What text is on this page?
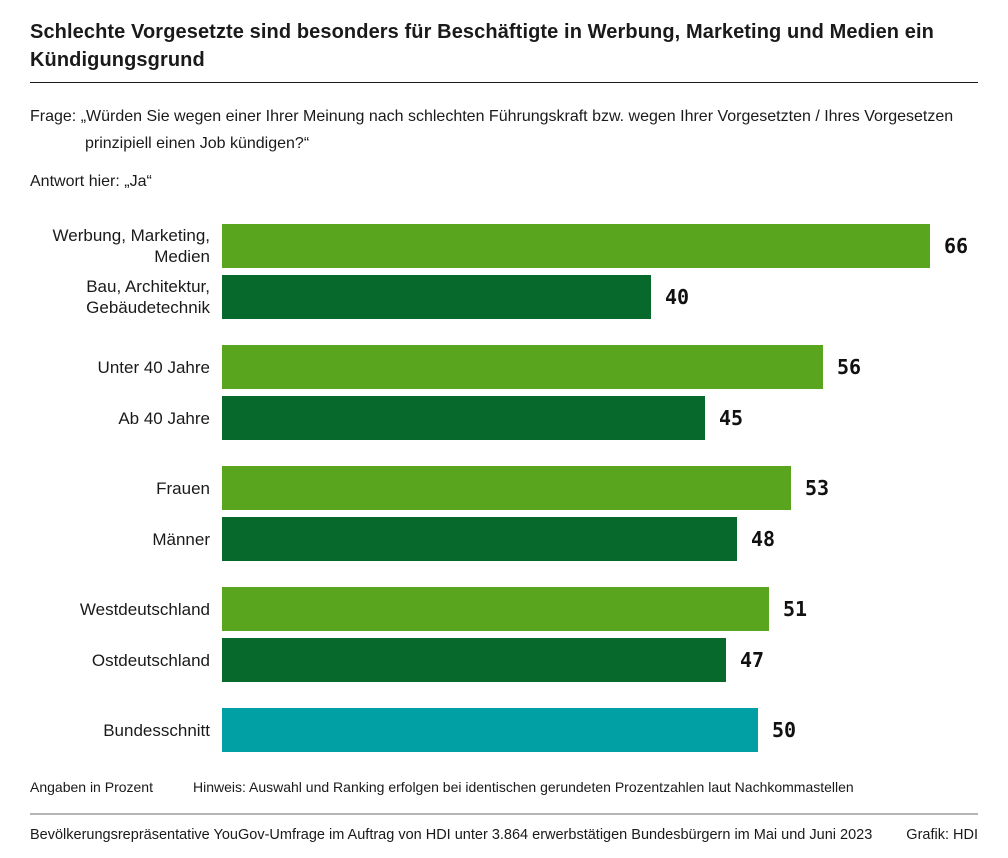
Schlechte Vorgesetzte sind besonders für Beschäftigte in Werbung, Marketing und Medien ein Kündigungsgrund
Frage: „Würden Sie wegen einer Ihrer Meinung nach schlechten Führungskraft bzw. wegen Ihrer Vorgesetzten / Ihres Vorgesetzen prinzipiell einen Job kündigen?“
Antwort hier: „Ja“
Werbung, Marketing, Medien	66
Bau, Architektur, Gebäudetechnik	40
Unter 40 Jahre	56
Ab 40 Jahre	45
Frauen	53
Männer	48
Westdeutschland	51
Ostdeutschland	47
Bundesschnitt	50
Angaben in Prozent	Hinweis: Auswahl und Ranking erfolgen bei identischen gerundeten Prozentzahlen laut Nachkommastellen
Bevölkerungsrepräsentative YouGov-Umfrage im Auftrag von HDI unter 3.864 erwerbstätigen Bundesbürgern im Mai und Juni 2023 Grafik: HDI
